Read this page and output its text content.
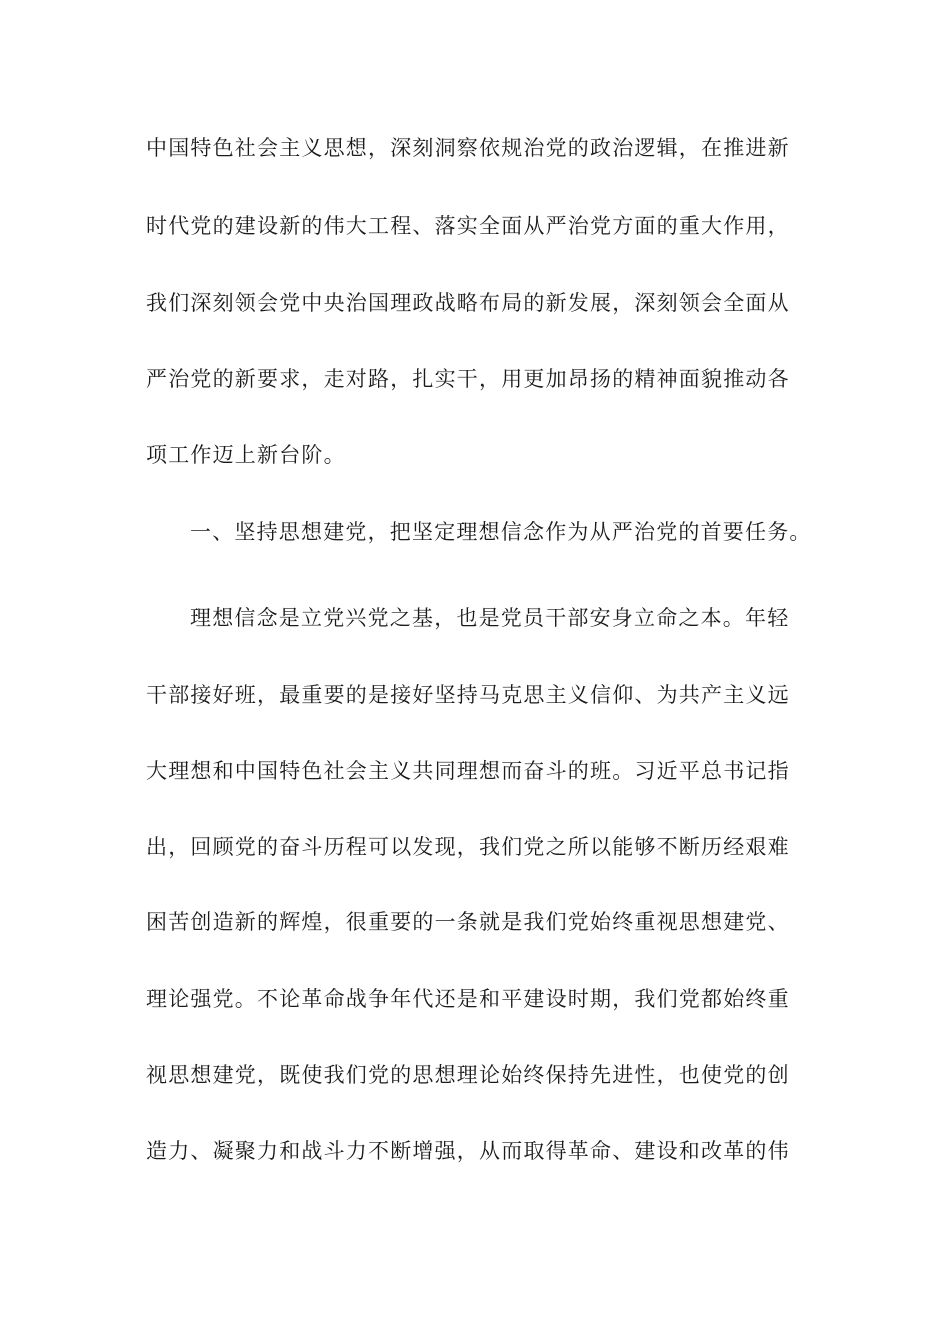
中国特色社会主义思想，深刻洞察依规治党的政治逻辑，在推进新
时代党的建设新的伟大工程、落实全面从严治党方面的重大作用，
我们深刻领会党中央治国理政战略布局的新发展，深刻领会全面从
严治党的新要求，走对路，扎实干，用更加昂扬的精神面貌推动各
项工作迈上新台阶。
一、坚持思想建党，把坚定理想信念作为从严治党的首要任务。
理想信念是立党兴党之基，也是党员干部安身立命之本。年轻
干部接好班，最重要的是接好坚持马克思主义信仰、为共产主义远
大理想和中国特色社会主义共同理想而奋斗的班。习近平总书记指
出，回顾党的奋斗历程可以发现，我们党之所以能够不断历经艰难
困苦创造新的辉煌，很重要的一条就是我们党始终重视思想建党、
理论强党。不论革命战争年代还是和平建设时期，我们党都始终重
视思想建党，既使我们党的思想理论始终保持先进性，也使党的创
造力、凝聚力和战斗力不断增强，从而取得革命、建设和改革的伟
